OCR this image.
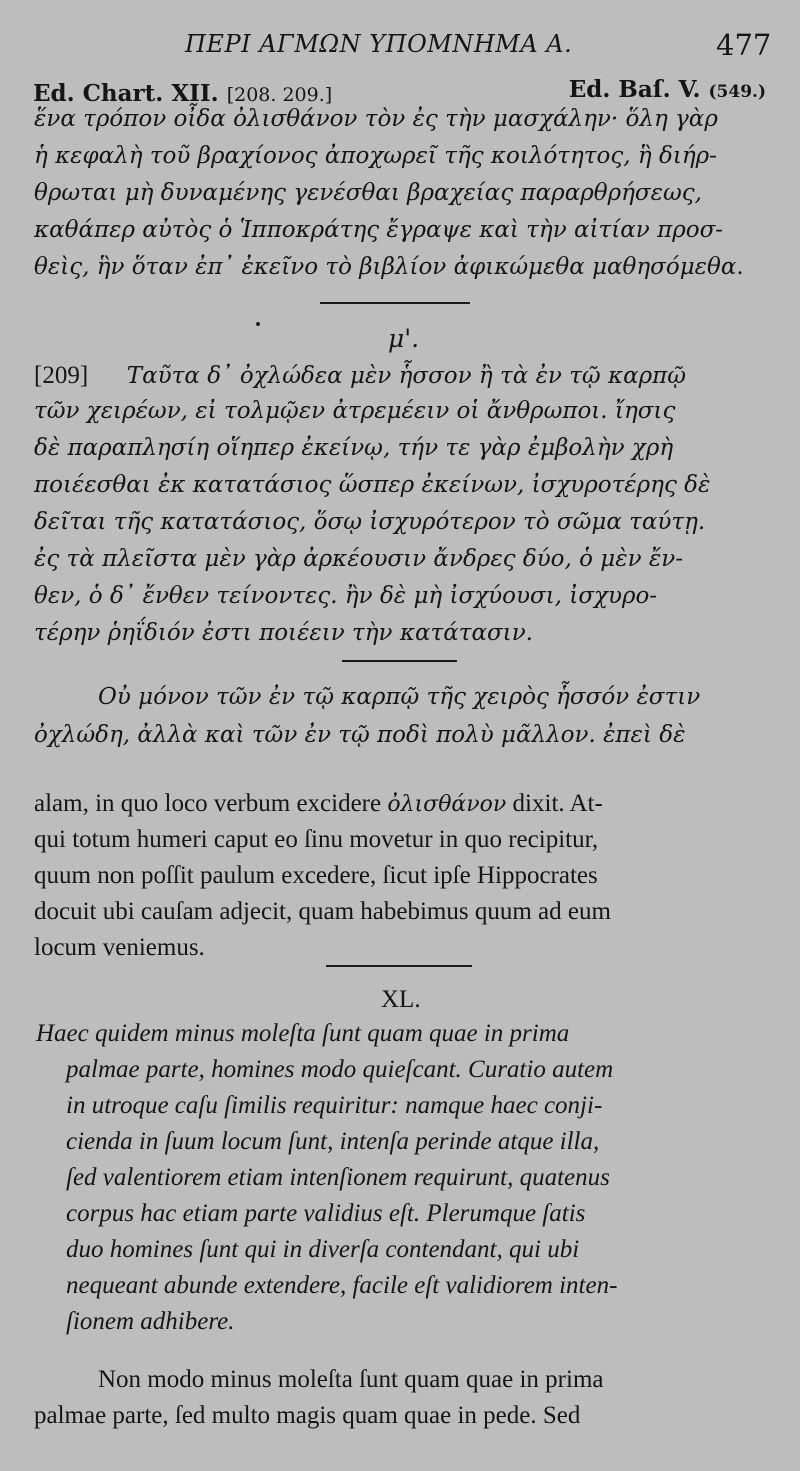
ΠΕΡΙ ΑΓΜΩΝ ΥΠΟΜΝΗΜΑ Α.	477
Ed. Chart. XII. [208. 209.]	Ed. Baſ. V. (549.)
ἕνα τρόπον οἶδα ὀλισθάνον τὸν ἐς τὴν μασχάλην· ὅλη γὰρ
ἡ κεφαλὴ τοῦ βραχίονος ἀποχωρεῖ τῆς κοιλότητος, ἣ διήρ-
θρωται μὴ δυναμένης γενέσθαι βραχείας παραρθρήσεως,
καθάπερ αὐτὸς ὁ Ἱπποκράτης ἔγραψε καὶ τὴν αἰτίαν προσ-
θεὶς, ἣν ὅταν ἐπ᾽ ἐκεῖνο τὸ βιβλίον ἀφικώμεθα μαθησόμεθα.
μ'.
[209] Ταῦτα δ᾽ ὀχλώδεα μὲν ἧσσον ἢ τὰ ἐν τῷ καρπῷ
τῶν χειρέων, εἰ τολμῷεν ἀτρεμέειν οἱ ἄνθρωποι. ἴησις
δὲ παραπλησίη οἵηπερ ἐκείνῳ, τήν τε γὰρ ἐμβολὴν χρὴ
ποιέεσθαι ἐκ κατατάσιος ὥσπερ ἐκείνων, ἰσχυροτέρης δὲ
δεῖται τῆς κατατάσιος, ὅσῳ ἰσχυρότερον τὸ σῶμα ταύτῃ.
ἐς τὰ πλεῖστα μὲν γὰρ ἀρκέουσιν ἄνδρες δύο, ὁ μὲν ἔν-
θεν, ὁ δ᾽ ἔνθεν τείνοντες. ἢν δὲ μὴ ἰσχύουσι, ἰσχυρο-
τέρην ῥηΐδιόν ἐστι ποιέειν τὴν κατάτασιν.
Οὐ μόνον τῶν ἐν τῷ καρπῷ τῆς χειρὸς ἧσσόν ἐστιν
ὀχλώδη, ἀλλὰ καὶ τῶν ἐν τῷ ποδὶ πολὺ μᾶλλον. ἐπεὶ δὲ
alam, in quo loco verbum excidere ὀλισθάνον dixit. At-
qui totum humeri caput eo ſinu movetur in quo recipitur,
quum non poſſit paulum excedere, ſicut ipſe Hippocrates
docuit ubi cauſam adjecit, quam habebimus quum ad eum
locum veniemus.
XL.
Haec quidem minus moleſta ſunt quam quae in prima
palmae parte, homines modo quieſcant. Curatio autem
in utroque caſu ſimilis requiritur: namque haec conji-
cienda in ſuum locum ſunt, intenſa perinde atque illa,
ſed valentiorem etiam intenſionem requirunt, quatenus
corpus hac etiam parte validius eſt. Plerumque ſatis
duo homines ſunt qui in diverſa contendant, qui ubi
nequeant abunde extendere, facile eſt validiorem inten-
ſionem adhibere.
Non modo minus moleſta ſunt quam quae in prima
palmae parte, ſed multo magis quam quae in pede. Sed
